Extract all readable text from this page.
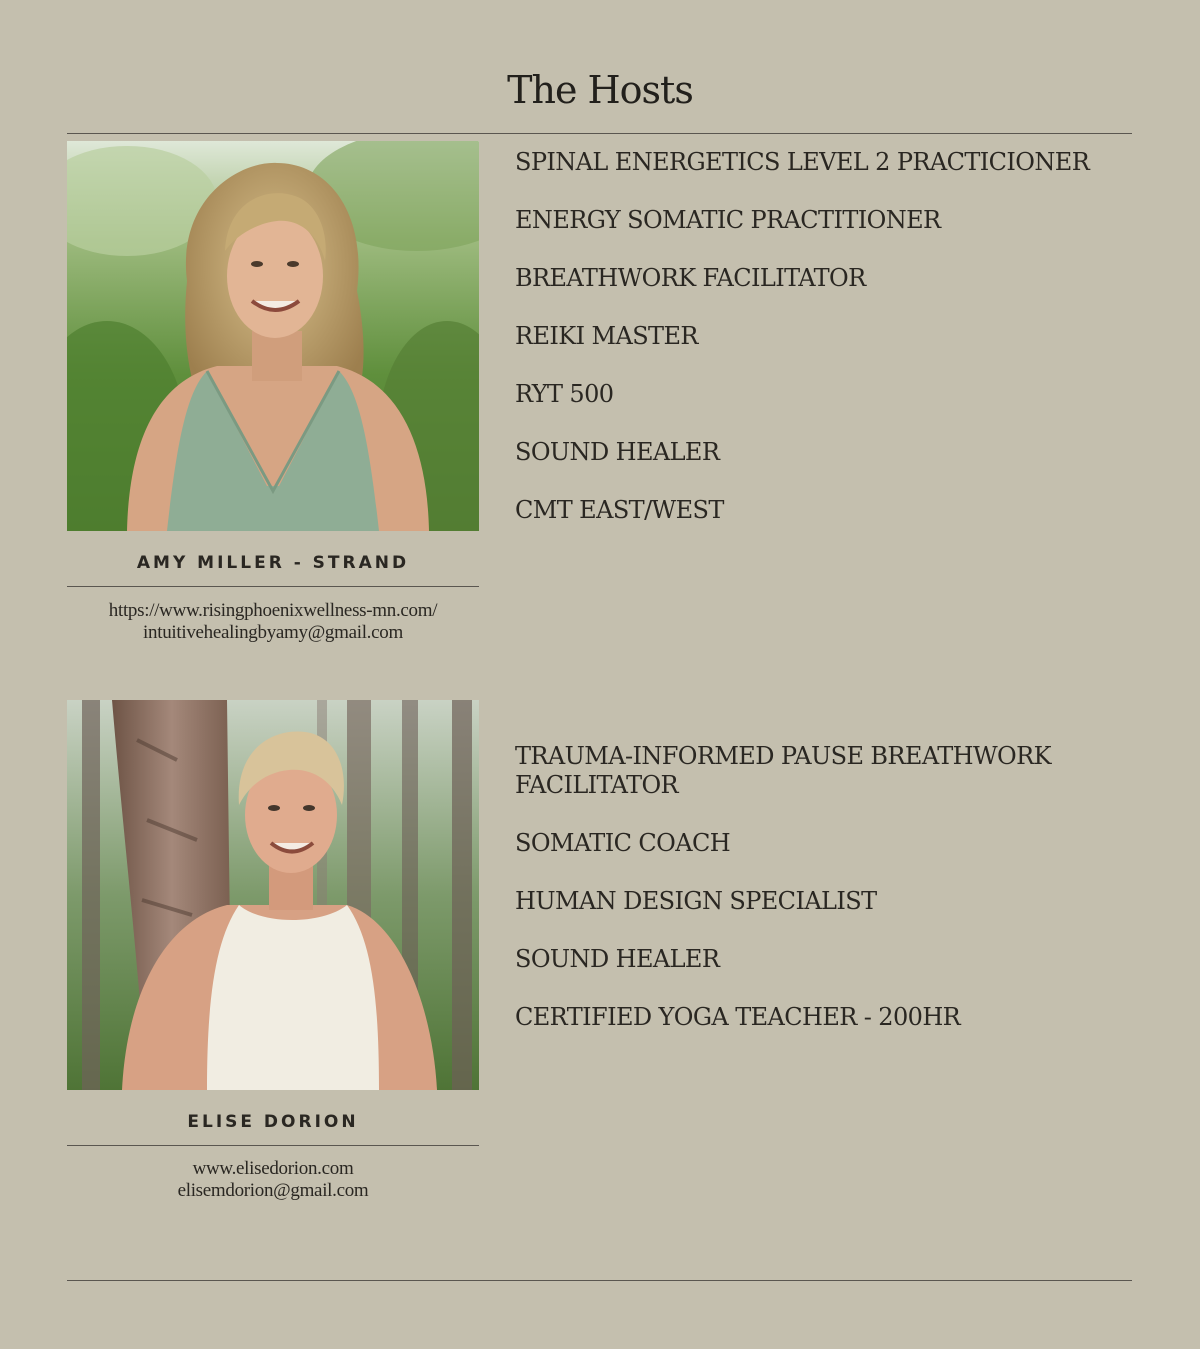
The Hosts
AMY MILLER - STRAND
https://www.risingphoenixwellness-mn.com/
intuitivehealingbyamy@gmail.com
SPINAL ENERGETICS LEVEL 2 PRACTICIONER
ENERGY SOMATIC PRACTITIONER
BREATHWORK FACILITATOR
REIKI MASTER
RYT 500
SOUND HEALER
CMT EAST/WEST
ELISE DORION
www.elisedorion.com
elisemdorion@gmail.com
TRAUMA-INFORMED PAUSE BREATHWORK FACILITATOR
SOMATIC COACH
HUMAN DESIGN SPECIALIST
SOUND HEALER
CERTIFIED YOGA TEACHER - 200HR
